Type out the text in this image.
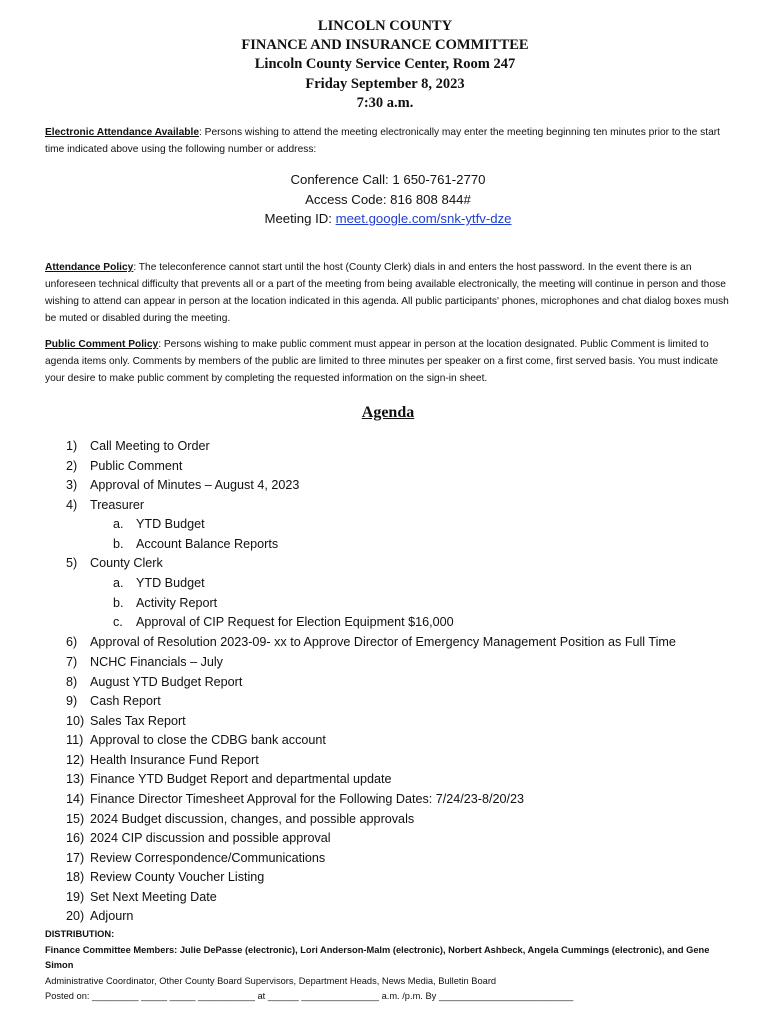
LINCOLN COUNTY
FINANCE AND INSURANCE COMMITTEE
Lincoln County Service Center, Room 247
Friday September 8, 2023
7:30 a.m.
Electronic Attendance Available: Persons wishing to attend the meeting electronically may enter the meeting beginning ten minutes prior to the start time indicated above using the following number or address:
Conference Call: 1 650-761-2770
Access Code: 816 808 844#
Meeting ID: meet.google.com/snk-ytfv-dze
Attendance Policy: The teleconference cannot start until the host (County Clerk) dials in and enters the host password. In the event there is an unforeseen technical difficulty that prevents all or a part of the meeting from being available electronically, the meeting will continue in person and those wishing to attend can appear in person at the location indicated in this agenda. All public participants' phones, microphones and chat dialog boxes mush be muted or disabled during the meeting.
Public Comment Policy: Persons wishing to make public comment must appear in person at the location designated. Public Comment is limited to agenda items only. Comments by members of the public are limited to three minutes per speaker on a first come, first served basis. You must indicate your desire to make public comment by completing the requested information on the sign-in sheet.
Agenda
1) Call Meeting to Order
2) Public Comment
3) Approval of Minutes – August 4, 2023
4) Treasurer
a. YTD Budget
b. Account Balance Reports
5) County Clerk
a. YTD Budget
b. Activity Report
c. Approval of CIP Request for Election Equipment $16,000
6) Approval of Resolution 2023-09- xx to Approve Director of Emergency Management Position as Full Time
7) NCHC Financials – July
8) August YTD Budget Report
9) Cash Report
10) Sales Tax Report
11) Approval to close the CDBG bank account
12) Health Insurance Fund Report
13) Finance YTD Budget Report and departmental update
14) Finance Director Timesheet Approval for the Following Dates: 7/24/23-8/20/23
15) 2024 Budget discussion, changes, and possible approvals
16) 2024 CIP discussion and possible approval
17) Review Correspondence/Communications
18) Review County Voucher Listing
19) Set Next Meeting Date
20) Adjourn
DISTRIBUTION:
Finance Committee Members: Julie DePasse (electronic), Lori Anderson-Malm (electronic), Norbert Ashbeck, Angela Cummings (electronic), and Gene Simon
Administrative Coordinator, Other County Board Supervisors, Department Heads, News Media, Bulletin Board
Posted on: _________ _____ _____ ___________ at ______ _______________ a.m. /p.m. By __________________________
